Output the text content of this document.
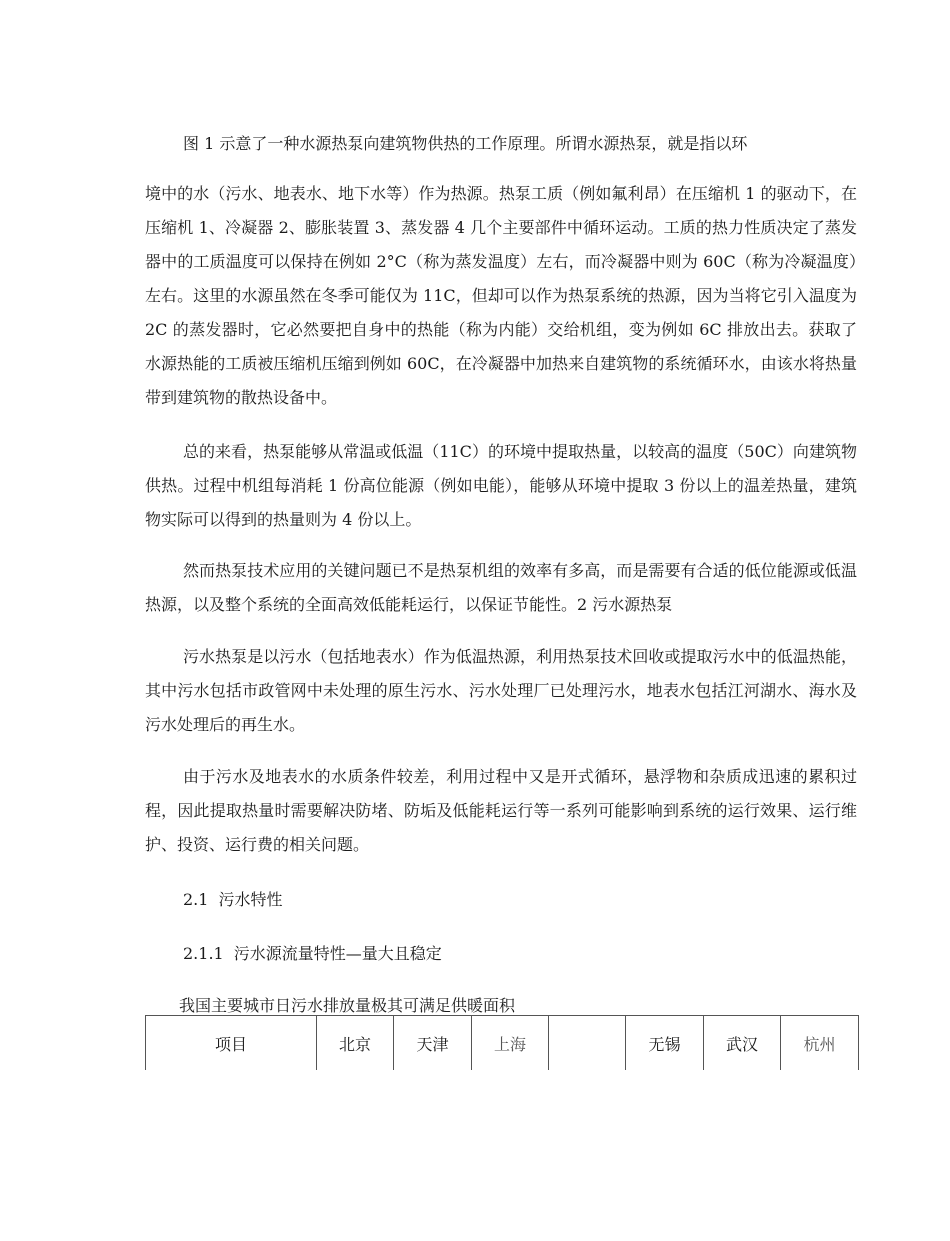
图 1 示意了一种水源热泵向建筑物供热的工作原理。所谓水源热泵，就是指以环

境中的水（污水、地表水、地下水等）作为热源。热泵工质（例如氟利昂）在压缩机 1 的驱动下，在压缩机 1、冷凝器 2、膨胀装置 3、蒸发器 4 几个主要部件中循环运动。工质的热力性质决定了蒸发器中的工质温度可以保持在例如 2°C（称为蒸发温度）左右，而冷凝器中则为 60C（称为冷凝温度）左右。这里的水源虽然在冬季可能仅为 11C，但却可以作为热泵系统的热源，因为当将它引入温度为 2C 的蒸发器时，它必然要把自身中的热能（称为内能）交给机组，变为例如 6C 排放出去。获取了水源热能的工质被压缩机压缩到例如 60C，在冷凝器中加热来自建筑物的系统循环水，由该水将热量带到建筑物的散热设备中。

总的来看，热泵能够从常温或低温（11C）的环境中提取热量，以较高的温度（50C）向建筑物供热。过程中机组每消耗 1 份高位能源（例如电能），能够从环境中提取 3 份以上的温差热量，建筑物实际可以得到的热量则为 4 份以上。

然而热泵技术应用的关键问题已不是热泵机组的效率有多高，而是需要有合适的低位能源或低温热源，以及整个系统的全面高效低能耗运行，以保证节能性。2 污水源热泵

污水热泵是以污水（包括地表水）作为低温热源，利用热泵技术回收或提取污水中的低温热能，其中污水包括市政管网中未处理的原生污水、污水处理厂已处理污水，地表水包括江河湖水、海水及污水处理后的再生水。

由于污水及地表水的水质条件较差，利用过程中又是开式循环，悬浮物和杂质成迅速的累积过程，因此提取热量时需要解决防堵、防垢及低能耗运行等一系列可能影响到系统的运行效果、运行维护、投资、运行费的相关问题。

2.1 污水特性

2.1.1 污水源流量特性—量大且稳定

我国主要城市日污水排放量极其可满足供暖面积

项目	北京	天津	上海		无锡	武汉	杭州
